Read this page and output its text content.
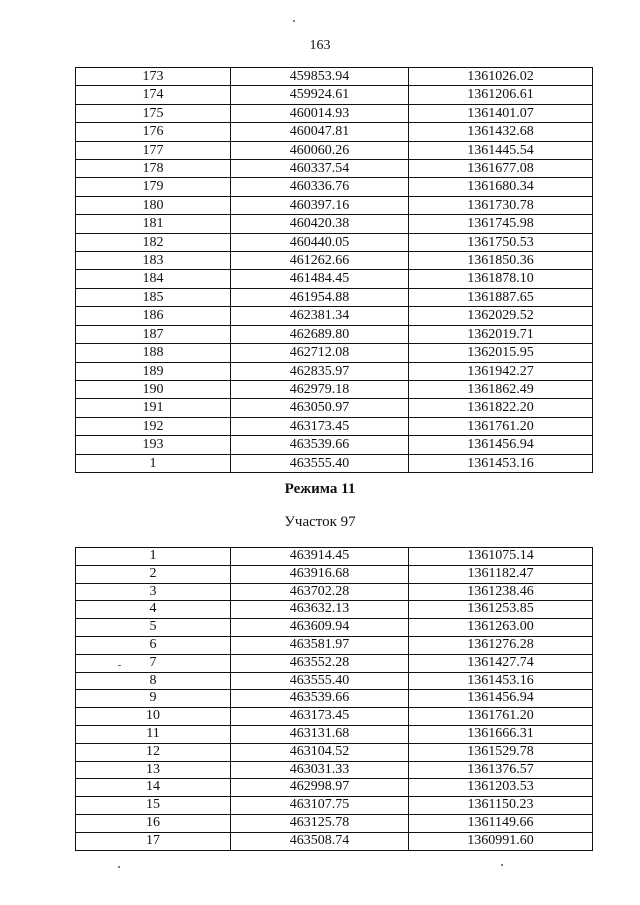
163
173	459853.94	1361026.02
174	459924.61	1361206.61
175	460014.93	1361401.07
176	460047.81	1361432.68
177	460060.26	1361445.54
178	460337.54	1361677.08
179	460336.76	1361680.34
180	460397.16	1361730.78
181	460420.38	1361745.98
182	460440.05	1361750.53
183	461262.66	1361850.36
184	461484.45	1361878.10
185	461954.88	1361887.65
186	462381.34	1362029.52
187	462689.80	1362019.71
188	462712.08	1362015.95
189	462835.97	1361942.27
190	462979.18	1361862.49
191	463050.97	1361822.20
192	463173.45	1361761.20
193	463539.66	1361456.94
1	463555.40	1361453.16
Режима 11
Участок 97
1	463914.45	1361075.14
2	463916.68	1361182.47
3	463702.28	1361238.46
4	463632.13	1361253.85
5	463609.94	1361263.00
6	463581.97	1361276.28
7	463552.28	1361427.74
8	463555.40	1361453.16
9	463539.66	1361456.94
10	463173.45	1361761.20
11	463131.68	1361666.31
12	463104.52	1361529.78
13	463031.33	1361376.57
14	462998.97	1361203.53
15	463107.75	1361150.23
16	463125.78	1361149.66
17	463508.74	1360991.60
